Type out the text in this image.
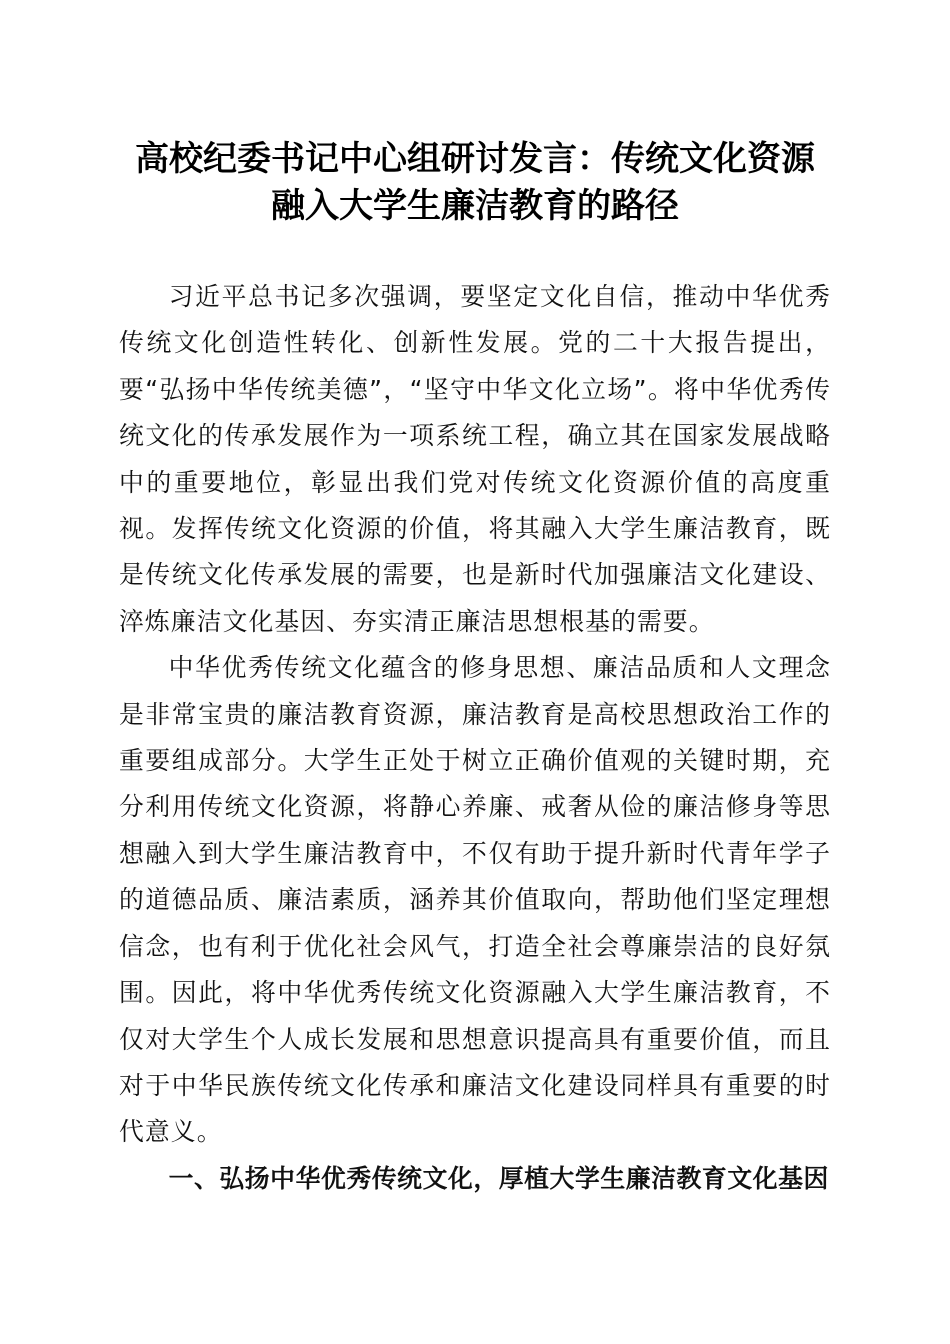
高校纪委书记中心组研讨发言：传统文化资源
融入大学生廉洁教育的路径

习近平总书记多次强调，要坚定文化自信，推动中华优秀传统文化创造性转化、创新性发展。党的二十大报告提出，要“弘扬中华传统美德”，“坚守中华文化立场”。将中华优秀传统文化的传承发展作为一项系统工程，确立其在国家发展战略中的重要地位，彰显出我们党对传统文化资源价值的高度重视。发挥传统文化资源的价值，将其融入大学生廉洁教育，既是传统文化传承发展的需要，也是新时代加强廉洁文化建设、淬炼廉洁文化基因、夯实清正廉洁思想根基的需要。

中华优秀传统文化蕴含的修身思想、廉洁品质和人文理念是非常宝贵的廉洁教育资源，廉洁教育是高校思想政治工作的重要组成部分。大学生正处于树立正确价值观的关键时期，充分利用传统文化资源，将静心养廉、戒奢从俭的廉洁修身等思想融入到大学生廉洁教育中，不仅有助于提升新时代青年学子的道德品质、廉洁素质，涵养其价值取向，帮助他们坚定理想信念，也有利于优化社会风气，打造全社会尊廉崇洁的良好氛围。因此，将中华优秀传统文化资源融入大学生廉洁教育，不仅对大学生个人成长发展和思想意识提高具有重要价值，而且对于中华民族传统文化传承和廉洁文化建设同样具有重要的时代意义。

一、弘扬中华优秀传统文化，厚植大学生廉洁教育文化基因
